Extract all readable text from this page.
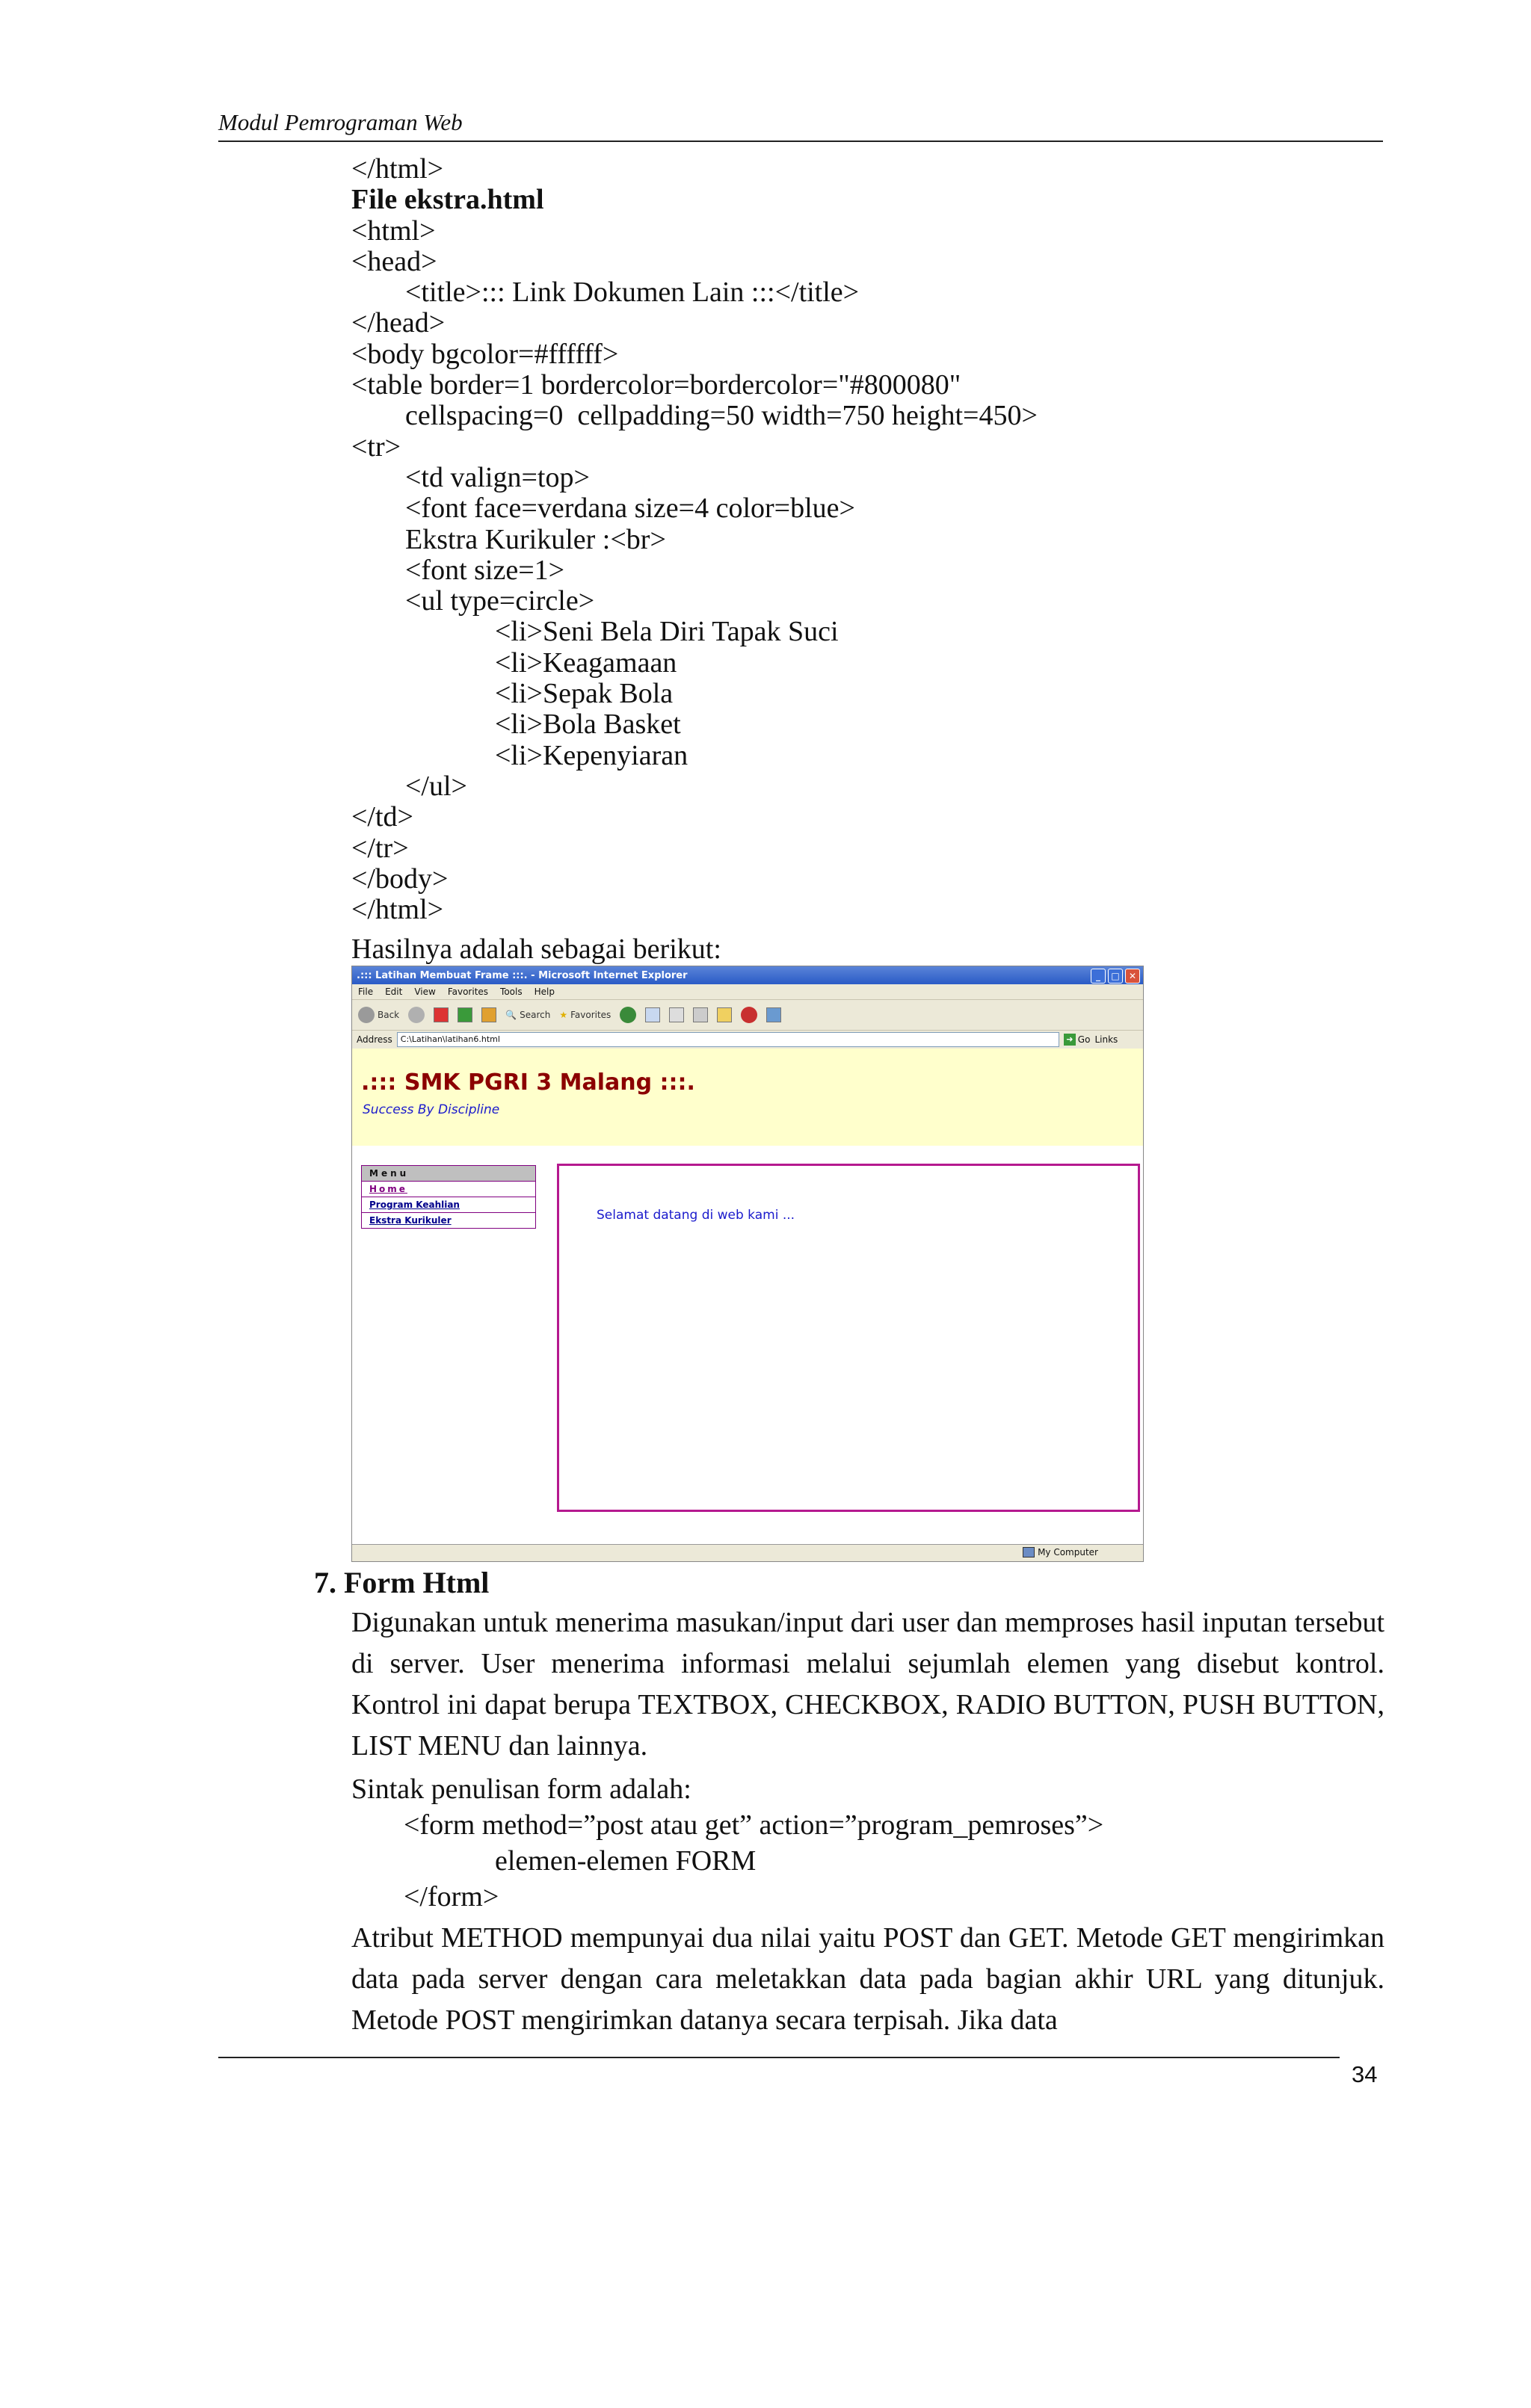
Modul Pemrograman Web
</html>
File ekstra.html
<html>
<head>
<title>::: Link Dokumen Lain :::</title>
</head>
<body bgcolor=#ffffff>
<table border=1 bordercolor=bordercolor="#800080"
cellspacing=0  cellpadding=50 width=750 height=450>
<tr>
<td valign=top>
<font face=verdana size=4 color=blue>
Ekstra Kurikuler :<br>
<font size=1>
<ul type=circle>
<li>Seni Bela Diri Tapak Suci
<li>Keagamaan
<li>Sepak Bola
<li>Bola Basket
<li>Kepenyiaran
</ul>
</td>
</tr>
</body>
</html>
Hasilnya adalah sebagai berikut:
.::: Latihan Membuat Frame :::. - Microsoft Internet Explorer	_	□	✕
File Edit View Favorites Tools Help
Back	🔍 Search ★ Favorites
Address	C:\Latihan\latihan6.html	➜ Go Links
.::: SMK PGRI 3 Malang :::.
Success By Discipline
Menu
Home
Program Keahlian
Ekstra Kurikuler	Selamat datang di web kami ...
My Computer
7. Form Html
Digunakan untuk menerima masukan/input dari user dan memproses hasil inputan tersebut di server. User menerima informasi melalui sejumlah elemen yang disebut kontrol. Kontrol ini dapat berupa TEXTBOX, CHECKBOX, RADIO BUTTON, PUSH BUTTON, LIST MENU dan lainnya.
Sintak penulisan form adalah:
<form method=”post atau get” action=”program_pemroses”>
elemen-elemen FORM
</form>
Atribut METHOD mempunyai dua nilai yaitu POST dan GET. Metode GET mengirimkan data pada server dengan cara meletakkan data pada bagian akhir URL yang ditunjuk. Metode POST mengirimkan datanya secara terpisah. Jika data
34
